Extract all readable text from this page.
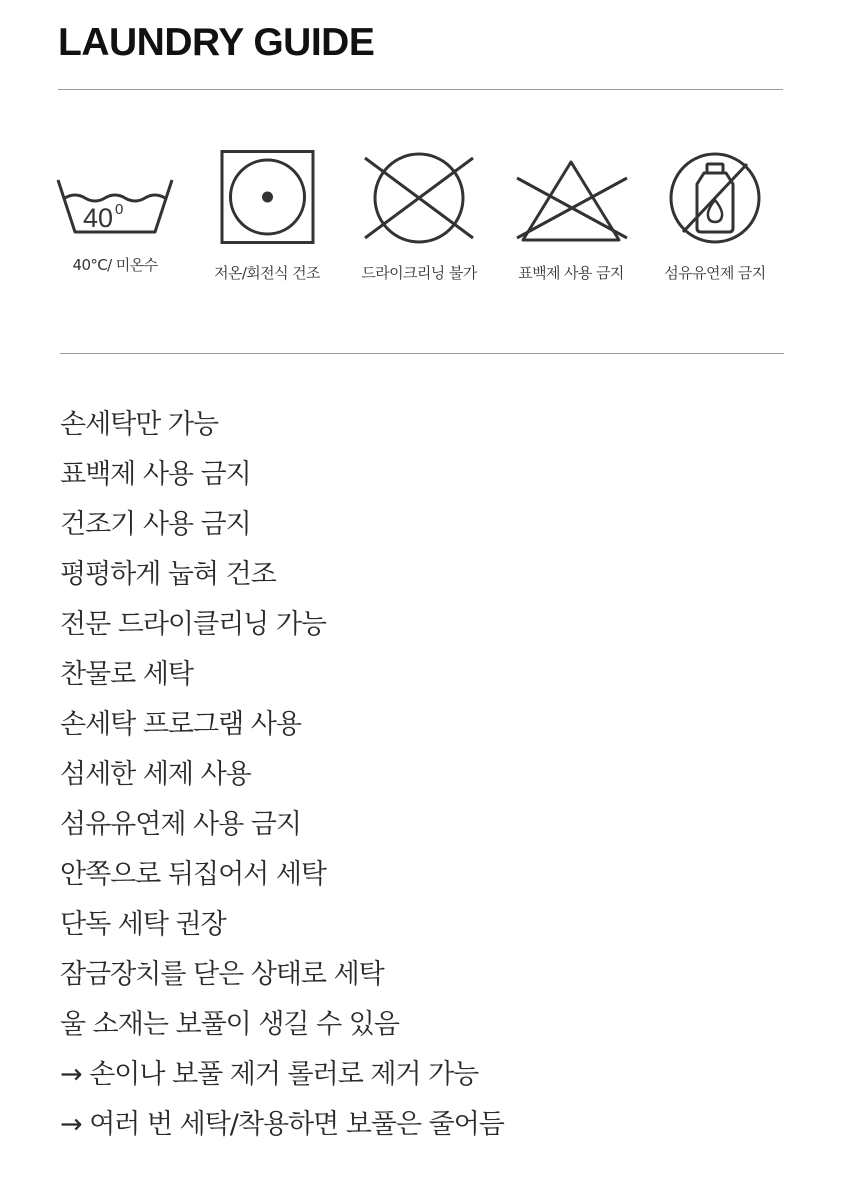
LAUNDRY GUIDE
40 0
40°C/ 미온수	저온/회전식 건조	드라이크리닝 불가	표백제 사용 금지	섬유유연제 금지
손세탁만 가능
표백제 사용 금지
건조기 사용 금지
평평하게 눕혀 건조
전문 드라이클리닝 가능
찬물로 세탁
손세탁 프로그램 사용
섬세한 세제 사용
섬유유연제 사용 금지
안쪽으로 뒤집어서 세탁
단독 세탁 권장
잠금장치를 닫은 상태로 세탁
울 소재는 보풀이 생길 수 있음
→ 손이나 보풀 제거 롤러로 제거 가능
→ 여러 번 세탁/착용하면 보풀은 줄어듬
